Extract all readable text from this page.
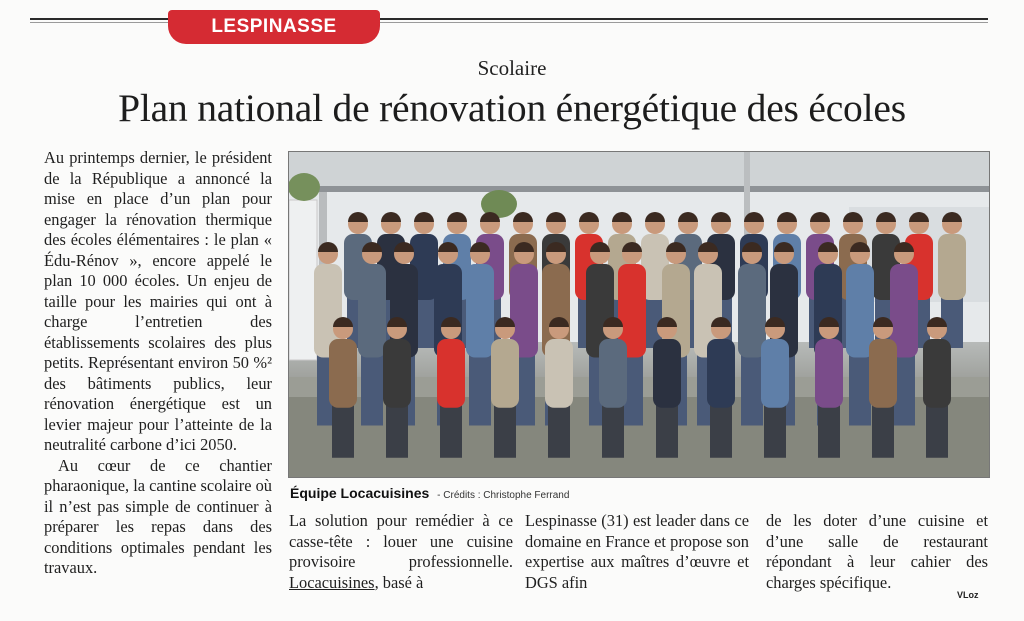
LESPINASSE
Scolaire
Plan national de rénovation énergétique des écoles

Au printemps dernier, le président de la République a annoncé la mise en place d’un plan pour engager la rénovation thermique des écoles élémentaires : le plan « Édu-Rénov », encore appelé le plan 10 000 écoles. Un enjeu de taille pour les mairies qui ont à charge l’entretien des établissements scolaires des plus petits. Représentant environ 50 %² des bâtiments publics, leur rénovation énergétique est un levier majeur pour l’atteinte de la neutralité carbone d’ici 2050.

Au cœur de ce chantier pharaonique, la cantine scolaire où il n’est pas simple de continuer à préparer les repas dans des conditions optimales pendant les travaux.

Équipe Locacuisines - Crédits : Christophe Ferrand

La solution pour remédier à ce casse-tête : louer une cuisine provisoire professionnelle. Locacuisines, basé à

Lespinasse (31) est leader dans ce domaine en France et propose son expertise aux maîtres d’œuvre et DGS afin

de les doter d’une cuisine et d’une salle de restaurant répondant à leur cahier des charges spécifique.

VLoz
